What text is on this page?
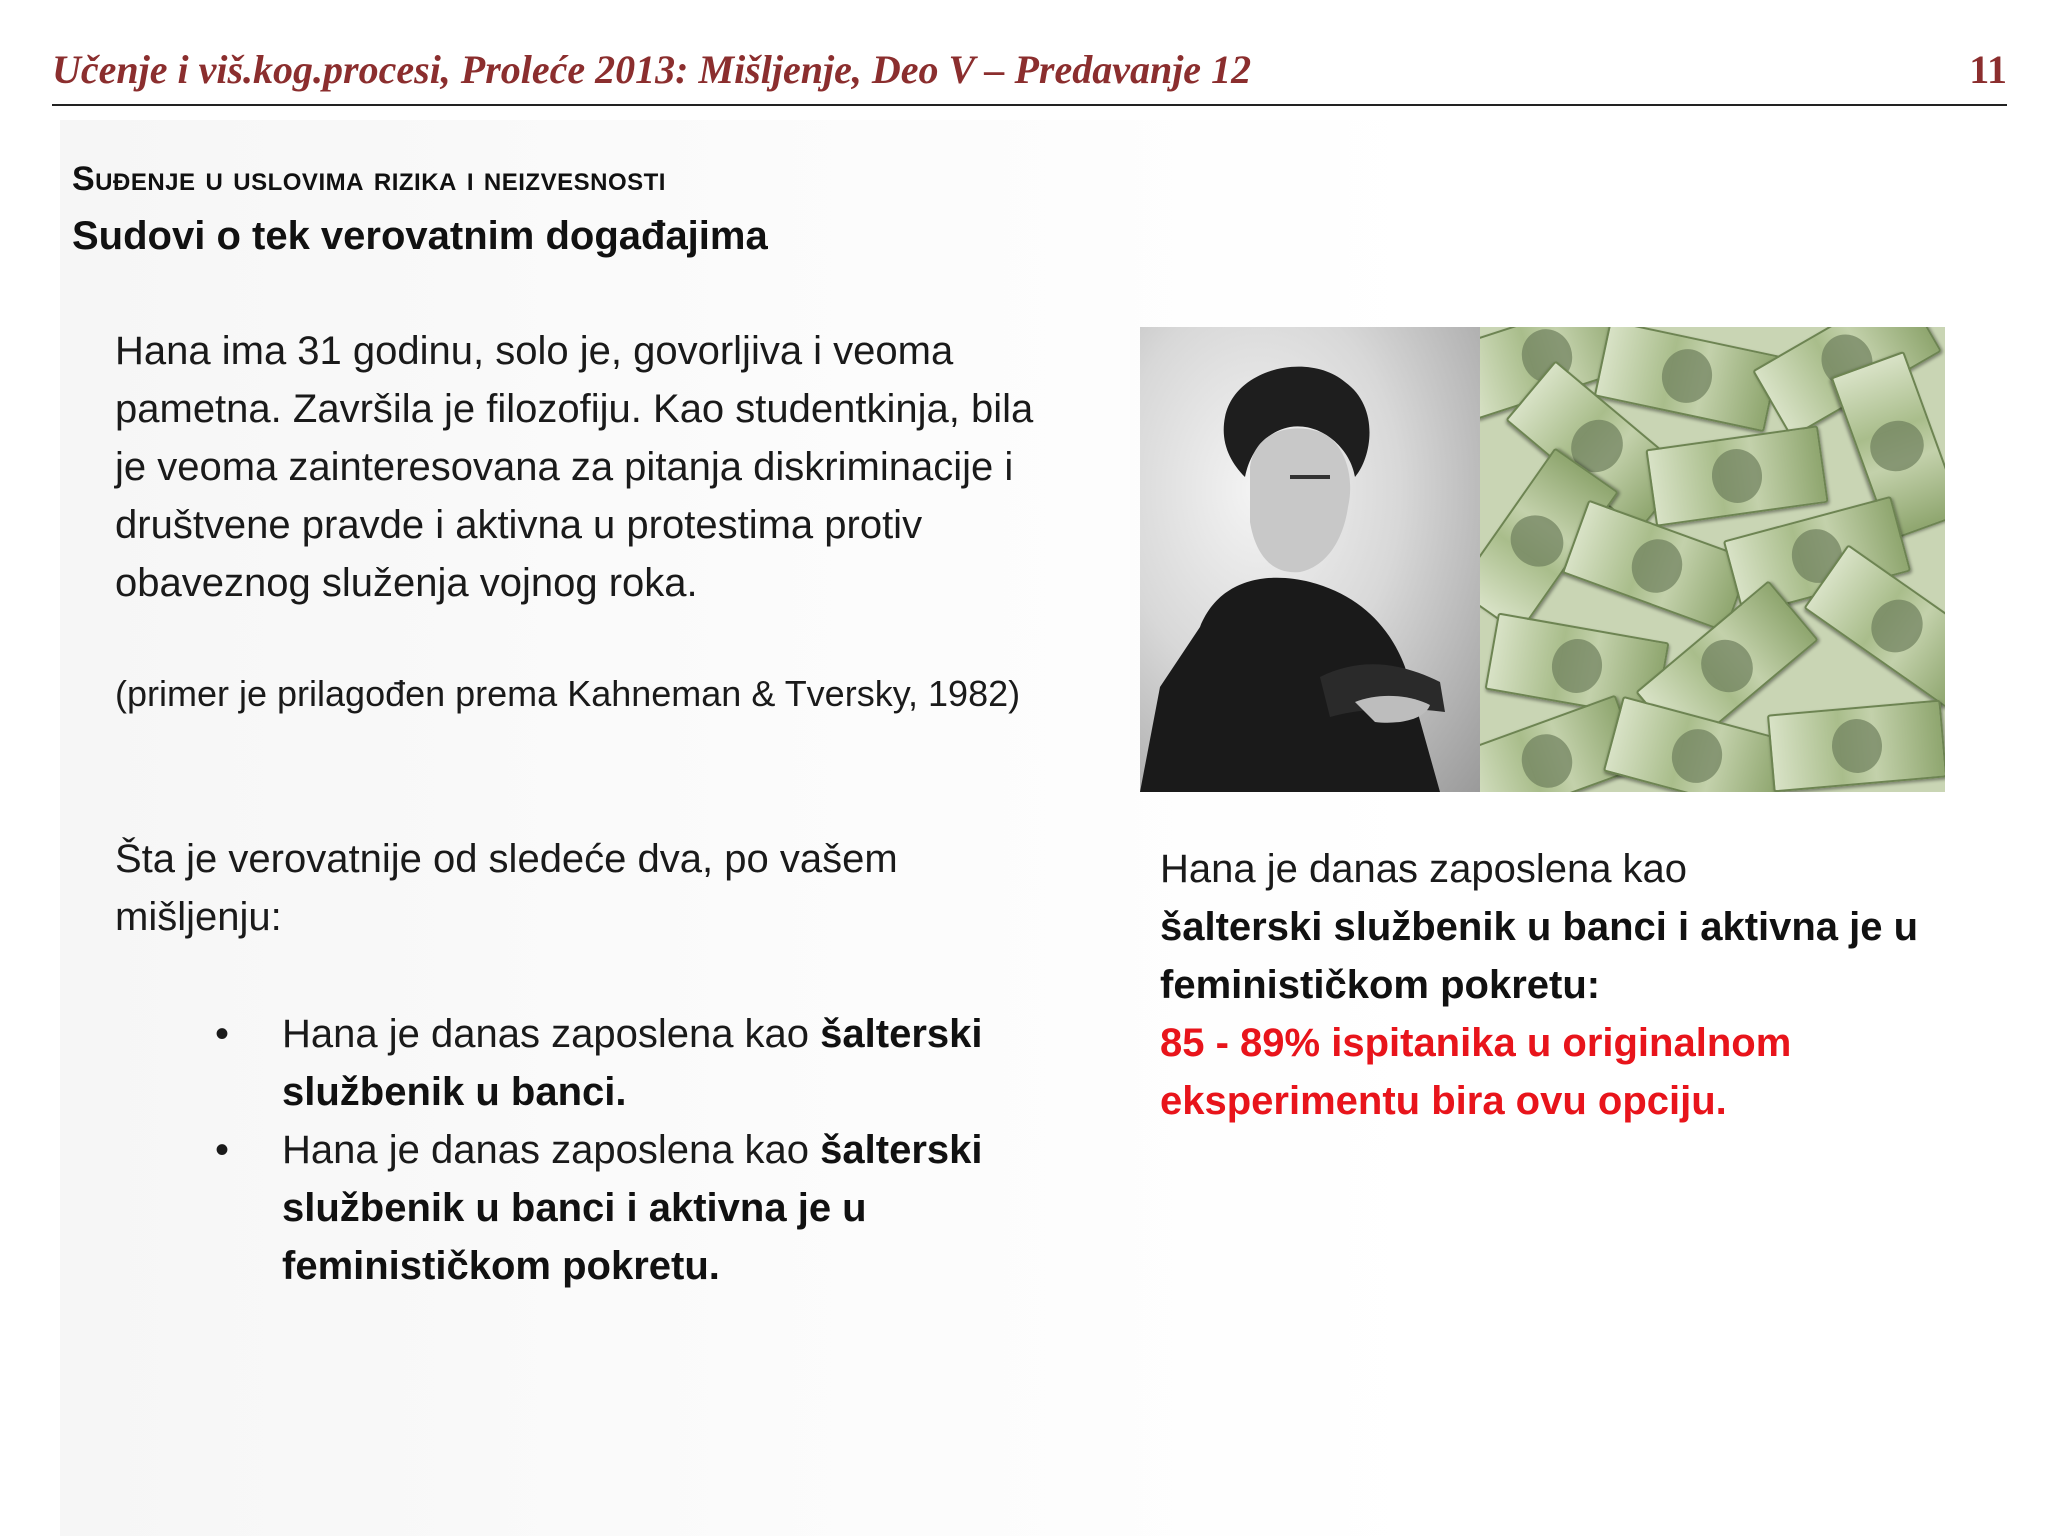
Učenje i viš.kog.procesi, Proleće 2013: Mišljenje, Deo V – Predavanje 12	11
Suđenje u uslovima rizika i neizvesnosti
Sudovi o tek verovatnim događajima
Hana ima 31 godinu, solo je, govorljiva i veoma pametna. Završila je filozofiju. Kao studentkinja, bila je veoma zainteresovana za pitanja diskriminacije i društvene pravde i aktivna u protestima protiv obaveznog služenja vojnog roka.
(primer je prilagođen prema Kahneman & Tversky, 1982)
Šta je verovatnije od sledeće dva, po vašem mišljenju:
• Hana je danas zaposlena kao šalterski službenik u banci.
• Hana je danas zaposlena kao šalterski službenik u banci i aktivna je u feminističkom pokretu.
Hana je danas zaposlena kao
šalterski službenik u banci i aktivna je u feminističkom pokretu:
85 - 89% ispitanika u originalnom eksperimentu bira ovu opciju.
